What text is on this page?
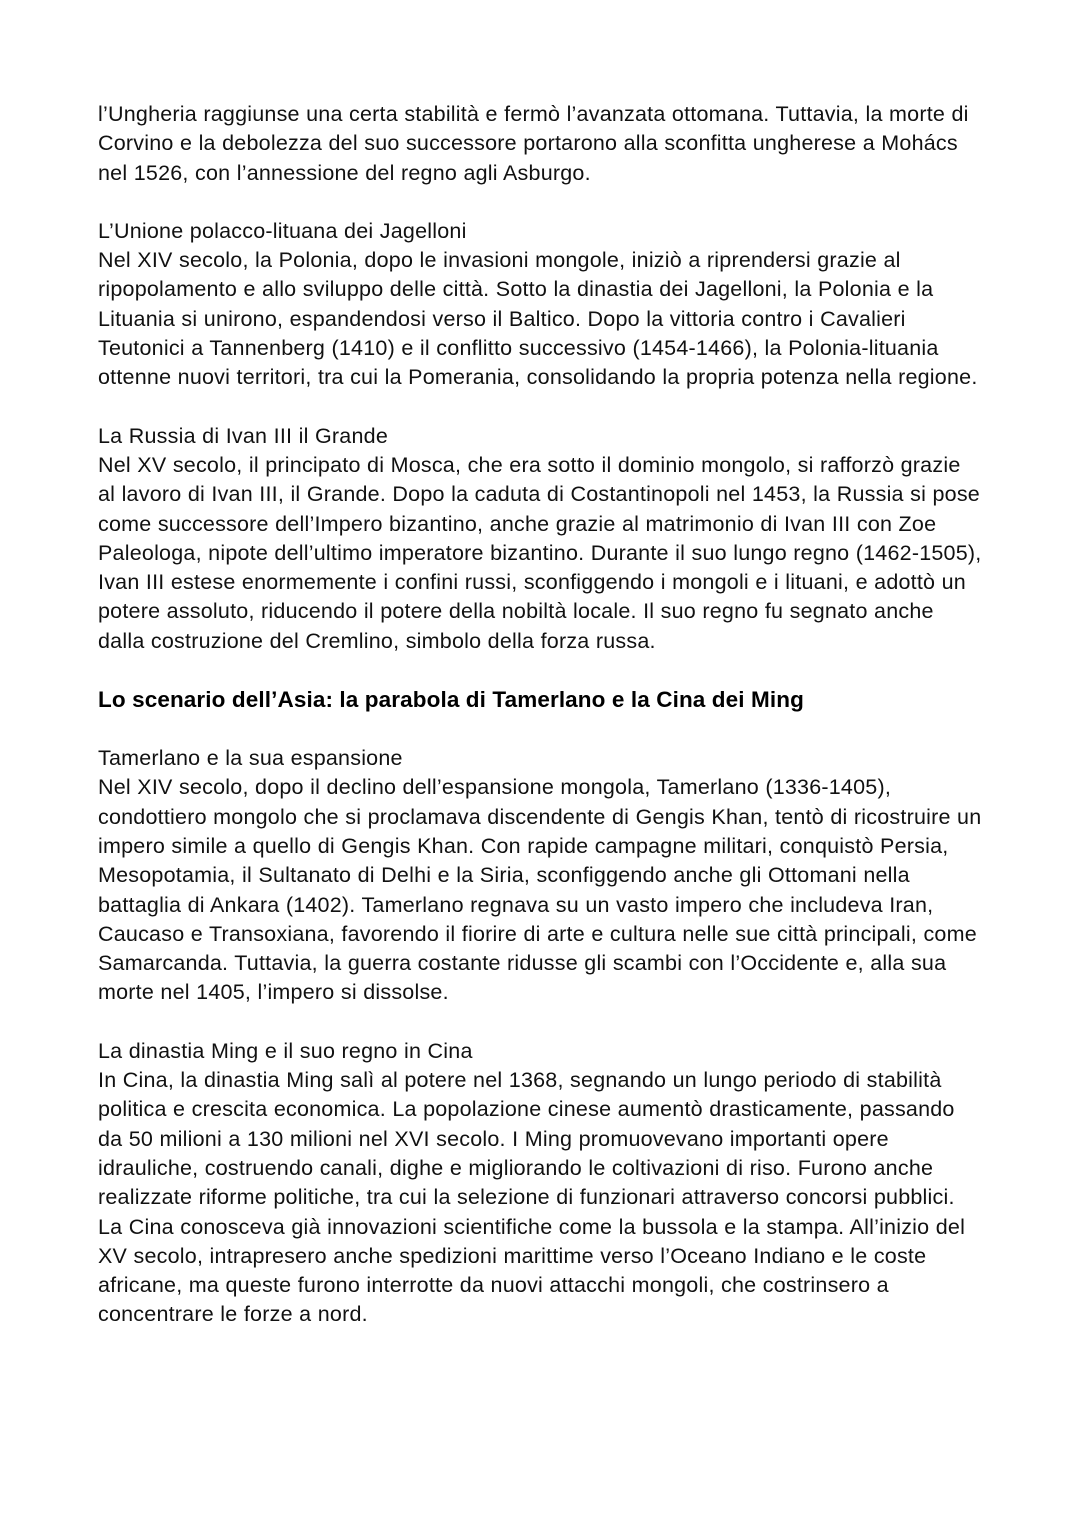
l’Ungheria raggiunse una certa stabilità e fermò l’avanzata ottomana. Tuttavia, la morte di Corvino e la debolezza del suo successore portarono alla sconfitta ungherese a Mohács nel 1526, con l’annessione del regno agli Asburgo.

L’Unione polacco-lituana dei Jagelloni
Nel XIV secolo, la Polonia, dopo le invasioni mongole, iniziò a riprendersi grazie al ripopolamento e allo sviluppo delle città. Sotto la dinastia dei Jagelloni, la Polonia e la Lituania si unirono, espandendosi verso il Baltico. Dopo la vittoria contro i Cavalieri Teutonici a Tannenberg (1410) e il conflitto successivo (1454-1466), la Polonia-lituania ottenne nuovi territori, tra cui la Pomerania, consolidando la propria potenza nella regione.

La Russia di Ivan III il Grande
Nel XV secolo, il principato di Mosca, che era sotto il dominio mongolo, si rafforzò grazie al lavoro di Ivan III, il Grande. Dopo la caduta di Costantinopoli nel 1453, la Russia si pose come successore dell’Impero bizantino, anche grazie al matrimonio di Ivan III con Zoe Paleologa, nipote dell’ultimo imperatore bizantino. Durante il suo lungo regno (1462-1505), Ivan III estese enormemente i confini russi, sconfiggendo i mongoli e i lituani, e adottò un potere assoluto, riducendo il potere della nobiltà locale. Il suo regno fu segnato anche dalla costruzione del Cremlino, simbolo della forza russa.

Lo scenario dell’Asia: la parabola di Tamerlano e la Cina dei Ming

Tamerlano e la sua espansione
Nel XIV secolo, dopo il declino dell’espansione mongola, Tamerlano (1336-1405), condottiero mongolo che si proclamava discendente di Gengis Khan, tentò di ricostruire un impero simile a quello di Gengis Khan. Con rapide campagne militari, conquistò Persia, Mesopotamia, il Sultanato di Delhi e la Siria, sconfiggendo anche gli Ottomani nella battaglia di Ankara (1402). Tamerlano regnava su un vasto impero che includeva Iran, Caucaso e Transoxiana, favorendo il fiorire di arte e cultura nelle sue città principali, come Samarcanda. Tuttavia, la guerra costante ridusse gli scambi con l’Occidente e, alla sua morte nel 1405, l’impero si dissolse.

La dinastia Ming e il suo regno in Cina
In Cina, la dinastia Ming salì al potere nel 1368, segnando un lungo periodo di stabilità politica e crescita economica. La popolazione cinese aumentò drasticamente, passando da 50 milioni a 130 milioni nel XVI secolo. I Ming promuovevano importanti opere idrauliche, costruendo canali, dighe e migliorando le coltivazioni di riso. Furono anche realizzate riforme politiche, tra cui la selezione di funzionari attraverso concorsi pubblici. La Cina conosceva già innovazioni scientifiche come la bussola e la stampa. All’inizio del XV secolo, intrapresero anche spedizioni marittime verso l’Oceano Indiano e le coste africane, ma queste furono interrotte da nuovi attacchi mongoli, che costrinsero a concentrare le forze a nord.
